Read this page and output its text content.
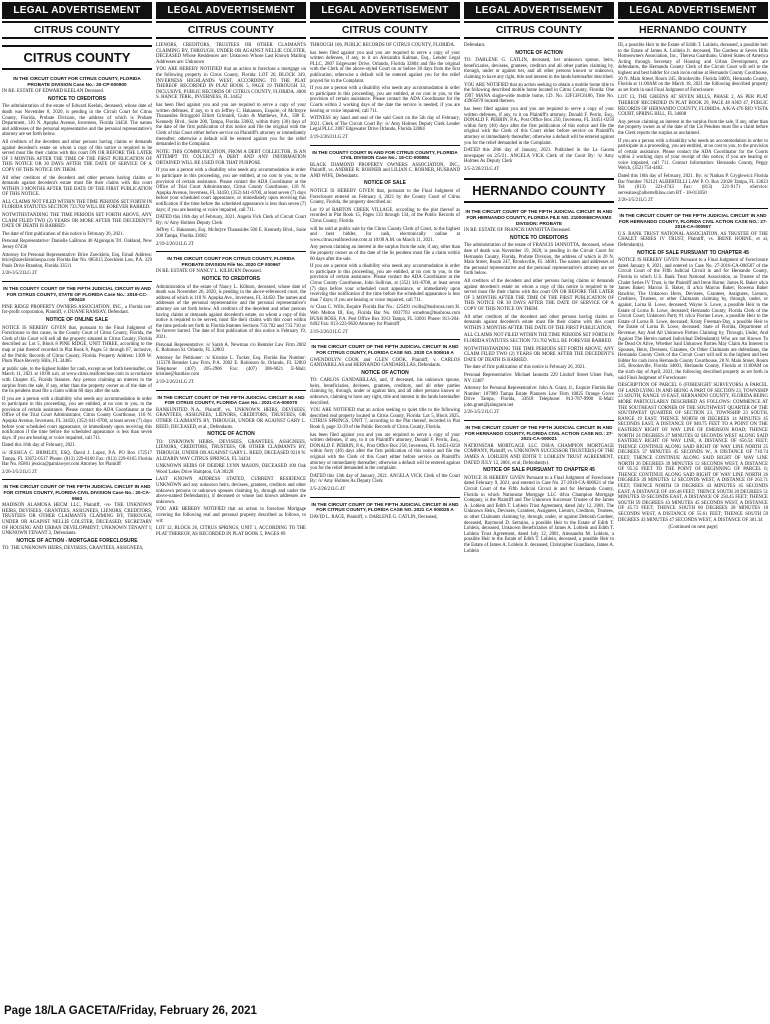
LEGAL ADVERTISEMENT
CITRUS COUNTY
CITRUS COUNTY
IN THE CIRCUIT COURT FOR CITRUS COUNTY, FLORIDA PROBATE DIVISION Case No.: 20-CP-000900

IN RE: ESTATE OF EDWARD KEELAN Deceased.

NOTICE TO CREDITORS

The administration of the estate of Edward Keelan, deceased, whose date of death was November 8, 2020, is pending in the Circuit Court for Citrus County, Florida, Probate Division, the address of which is Probate Department, 110 N. Apopka Avenue, Inverness, Florida 34450. The names and addresses of the personal representative and the personal representative's attorney are set forth below.

All creditors of the decedent and other persons having claims or demands against decedent's estate on whom a copy of this notice is required to be served must file their claims with this court ON OR BEFORE THE LATER OF 3 MONTHS AFTER THE TIME OF THE FIRST PUBLICATION OF THIS NOTICE OR 30 DAYS AFTER THE DATE OF SERVICE OF A COPY OF THIS NOTICE ON THEM.

All other creditors of the decedent and other persons having claims or demands against decedent's estate must file their claims with this court WITHIN 3 MONTHS AFTER THE DATE OF THE FIRST PUBLICATION OF THIS NOTICE.

ALL CLAIMS NOT FILED WITHIN THE TIME PERIODS SET FORTH IN FLORIDA STATUTES SECTION 733.702 WILL BE FOREVER BARRED.

NOTWITHSTANDING THE TIME PERIODS SET FORTH ABOVE, ANY CLAIM FILED TWO (2) YEARS OR MORE AFTER THE DECEDENT'S DATE OF DEATH IS BARRED.

The date of first publication of this notice is February 26, 2021.

Personal Representative: Danielle LaBruno 46 Algonquin Trl. Oakland, New Jersey 07436

Attorney for Personal Representative: Brice Zoecklein, Esq. Email Address: brice@zoeckleinlawpa.com Florida Bar No. 085615 Zoecklein Law, P.A. 329 Pauls Drive Brandon, Florida 33511

2/26-3/5/21LG 2T

IN THE COUNTY COURT OF THE FIFTH JUDICIAL CIRCUIT IN AND FOR CITRUS COUNTY, STATE OF FLORIDA Case No.: 2019-CC-000419

PINE RIDGE PROPERTY OWNERS ASSOCIATION, INC., a Florida not-for-profit corporation, Plaintiff, v. DUANE RAMSAY, Defendant.

NOTICE OF ONLINE SALE

NOTICE IS HEREBY GIVEN that, pursuant to the Final Judgment of Foreclosure in this cause, in the County Court of Citrus County, Florida, the Clerk of this Court will sell all the property situated in Citrus County, Florida described as: Lot 5, Block 8 PINE RIDGE, UNIT THREE, according to the map or plat thereof recorded in Plat Book 8, Pages 51 through 67, inclusive, of the Public Records of Citrus County, Florida. Property Address: 1309 W. Plum Place Beverly Hills, FL 34465

at public sale, to the highest bidder for cash, except as set forth hereinafter, on March 11, 2021 at 10:00 a.m. at www.citrus.realforeclose.com in accordance with Chapter 45, Florida Statutes. Any person claiming an interest in the surplus from the sale, if any, other than the property owner as of the date of the lis pendens must file a claim within 60 days after the sale.

If you are a person with a disability who needs any accommodation in order to participate in this proceeding, you are entitled, at no cost to you, to the provision of certain assistance. Please contact the ADA Coordinator at the Office of the Trial Court Administrator, Citrus County Courthouse, 110 N. Apopka Avenue, Inverness, FL 34450, (352) 641-6700, at least seven (7) days before your scheduled court appearance, or immediately upon receiving this notification if the time before the scheduled appearance is less than seven days. If you are hearing or voice impaired, call 711.

Dated this 16th day of February, 2021.

/s/ JESSICA C. BRIMLEY, ESQ. David J. Lopez, P.A. PO Box 172517 Tampa, FL 33672-0517 Phone: (813) 229-0160 Fax: (813) 229-0165 Florida Bar No. 85801 jessica@pamlawyer.com Attorney for Plaintiff

2/26-3/5/21LG 2T

IN THE CIRCUIT COURT OF THE FIFTH JUDICIAL CIRCUIT IN AND FOR CITRUS COUNTY, FLORIDA CIVIL DIVISION Case No.: 20-CA-0663

MADISON ALAMOSA HECM LLC, Plaintiff, -vs- THE UNKNOWN HEIRS, DEVISEES, GRANTEES, ASSIGNEES, LIENORS, CREDITORS, TRUSTEES OR OTHER CLAIMANTS CLAIMING BY, THROUGH, UNDER OR AGAINST NELLIE COLSTER, DECEASED; SECRETARY OF HOUSING AND URBAN DEVELOPMENT; UNKNOWN TENANT I; UNKNOWN TENANT 2, Defendants.

NOTICE OF ACTION - MORTGAGE FORECLOSURE

TO: THE UNKNOWN HEIRS, DEVISEES, GRANTEES, ASSIGNEES,

LEGAL ADVERTISEMENT
CITRUS COUNTY

LIENORS, CREDITORS, TRUSTEES OR OTHER CLAIMANTS CLAIMING BY, THROUGH, UNDER OR AGAINST NELLIE COLSTER, DECEASED Whose Residences are: Unknown Whose Last Known Mailing Addresses are: Unknown

YOU ARE HEREBY NOTIFIED that an action to foreclose a mortgage on the following property in Citrus County, Florida: LOT 20, BLOCK 349, INVERNESS HIGHLANDS WEST, ACCORDING TO THE PLAT THEREOF RECORDED IN PLAT BOOK 5, PAGE 19 THROUGH 33, INCLUSIVE, PUBLIC RECORDS OF CITRUS COUNTY, FLORIDA. 4006 S. HANCE TERR., INVERNESS, FL 34452

has been filed against you and you are required to serve a copy of your written defenses, if any, to it on Jeffrey C. Hakanson, Esquire, of McIntyre Thanasides Bringgold Elliott Grimaldi, Guito & Matthews, P.A., 500 E. Kennedy Blvd., Suite 200, Tampa, Florida 33602, within thirty (30) days of the date of the first publication of this notice and file the original with the Clerk of this Court either before service on Plaintiff's attorney or immediately thereafter; otherwise a default will be entered against you for the relief demanded in the Complaint.

NOTE: THIS COMMUNICATION, FROM A DEBT COLLECTOR, IS AN ATTEMPT TO COLLECT A DEBT AND ANY INFORMATION OBTAINED WILL BE USED FOR THAT PURPOSE.

If you are a person with a disability who needs any accommodation in order to participate in this proceeding, you are entitled, at no cost to you, to the provision of certain assistance. Please contact the ADA Coordinator at the Office of Trial Court Administrator, Citrus County Courthouse, 110 N. Apopka Avenue, Inverness, FL 34450, (352) 641-6700, at least seven (7) days before your scheduled court appearance, or immediately upon receiving this notification if the time before the scheduled appearance is less than seven (7) days; if you are hearing or voice impaired, call 711.

DATED this 16th day of February, 2021. Angela Vick Clerk of Circuit Court By: /s/ Amy Holmes Deputy Clerk

Jeffrey C. Hakanson, Esq. McIntyre Thanasides 500 E. Kennedy Blvd., Suite 200 Tampa, Florida 33602

2/19-2/26/21LG 2T

IN THE CIRCUIT COURT FOR CITRUS COUNTY, FLORIDA PROBATE DIVISION File No. 2020 CP 000967

IN RE: ESTATE OF NANCY L. KILBURN Deceased.

NOTICE TO CREDITORS

Administration of the estate of Nancy L. Kilburn, deceased, whose date of death was November 26, 2020, is pending in the above-referenced court, the address of which is 110 N. Apopka Ave., Inverness, FL 34450. The names and addresses of the personal representative and the personal representative's attorney are set forth below. All creditors of the decedent and other persons having claims or demands against decedent's estate, on whom a copy of this notice is required to be served, must file their claims with this court within the time periods set forth in Florida Statutes Sections 733.702 and 733.710 or be forever barred. The date of first publication of this notice is February 19, 2021.

Personal Representative: /s/ Sarah A. Newman c/o Bentsler Law Firm 2002 E. Robinson St. Orlando, FL 32803

Attorney for Petitioner: /s/ Kristine L. Tucker, Esq. Florida Bar Number: 115378 Bentsler Law Firm, P.A. 2002 E. Robinson St. Orlando, FL 32803 Telephone: (407) 205-2906 Fax: (407) 386-6021 E-Mail: kristine@bantlaw.com

2/19-2/26/21LG 2T

IN THE CIRCUIT COURT OF THE FIFTH JUDICIAL CIRCUIT IN AND FOR CITRUS COUNTY, FLORIDA Case No.: 2021-CA-000070

BANKUNITED N.A., Plaintiff, vs. UNKNOWN HEIRS, DEVISEES, GRANTEES, ASSIGNEES, LIENORS, CREDITORS, TRUSTEES, OR OTHER CLAIMANTS BY, THROUGH, UNDER OR AGAINST GARY L. REED, DECEASED, et al., Defendants.

NOTICE OF ACTION

TO: UNKNOWN HEIRS, DEVISEES, GRANTEES, ASSIGNEES, LIENORS, CREDITORS, TRUSTEES, OR OTHER CLAIMANTS BY, THROUGH, UNDER OR AGAINST GARY L. REED, DECEASED 9218 N. ALIZARIN WAY CITRUS SPRINGS, FL 34434

UNKNOWN HEIRS OF DEIDRE LYNN MASON, DECEASED 100 Oak Wood Lakes Drive Hampton, GA 30228

LAST KNOWN ADDRESS STATED, CURRENT RESIDENCE UNKNOWN and any unknown heirs, devisees, grantees, creditors and other unknown persons or unknown spouses claiming by, through and under the above-named Defendant(s), if deceased or whose last known addresses are unknown.

YOU ARE HEREBY NOTIFIED that an action to foreclose Mortgage covering the following real and personal property described as follows, to wit:

LOT 12, BLOCK 26, CITRUS SPRINGS, UNIT 1, ACCORDING TO THE PLAT THEREOF, AS RECORDED IN PLAT BOOK 5, PAGES 89

LEGAL ADVERTISEMENT
CITRUS COUNTY

THROUGH 106, PUBLIC RECORDS OF CITRUS COUNTY, FLORIDA.

has been filed against you and you are required to serve a copy of your written defenses, if any, to it on Alexandra Kalman, Esq., Lender Legal PLLC, 2807 Edgewater Drive, Orlando, Florida 32804 and file the original with the Clerk of the above-styled Court on or before 30 days from the first publication, otherwise a default will be entered against you for the relief prayed for in the Complaint.

If you are a person with a disability who needs any accommodation in order to participate in this proceeding, you are entitled, at no cost to you, to the provision of certain assistance. Please contact the ADA Coordinator for the Courts within 2 working days of the date the service is needed; if you are hearing or voice impaired, call 711.

WITNESS my hand and seal of the said Court on the 5th day of February, 2021. Clerk of The Circuit Court By: /s/ Amy Holmes Deputy Clerk Lender Legal PLLC 2807 Edgewater Drive Orlando, Florida 32804

2/19-2/26/21LG 2T

IN THE COUNTY COURT IN AND FOR CITRUS COUNTY, FLORIDA CIVIL DIVISION Case No.: 19-CC-000884

BLACK DIAMOND PROPERTY OWNERS ASSOCIATION, INC., Plaintiff, vs. ANDREE R. ROHNER and LILIAN C. ROHNER, HUSBAND AND WIFE, Defendants.

NOTICE OF SALE

NOTICE IS HEREBY GIVEN that, pursuant to the Final Judgment of Foreclosure entered on February 4, 2021 by the County Court of Citrus County, Florida, the property described as:

Lot 19 of BARTON CREEK VILLAGE, according to the plat thereof as recorded in Plat Book 15, Pages 133 through 134, of the Public Records of Citrus County, Florida.

will be sold at public sale by the Citrus County Clerk of Court, to the highest and best bidder, for cash, electronically online at www.citrus.realforeclose.com at 10:00 A.M. on March 11, 2021.

Any person claiming an interest in the surplus from the sale, if any, other than the property owner as of the date of the lis pendens must file a claim within 60 days after the sale.

If you are a person with a disability who needs any accommodation in order to participate in this proceeding, you are entitled, at no cost to you, to the provision of certain assistance. Please contact the ADA Coordinator at the Citrus County Courthouse, John Sullivan, at (352) 341-6700, at least seven (7) days before your scheduled court appearance, or immediately upon receiving this notification if the time before the scheduled appearance is less than 7 days; if you are hearing or voice impaired, call 711.

/s/ Clara C. Wills, Esquire Florida Bar No.: 125491 cwills@bushross.com H. Web Melton III, Esq. Florida Bar No. 0037703 wmelton@bushross.com BUSH ROSS, P.A. Post Office Box 3913 Tampa, FL 33601 Phone: 813-204-6492 Fax: 813-223-9620 Attorney for Plaintiff

2/19-2/26/21LG 2T

IN THE CIRCUIT COURT OF THE FIFTH JUDICIAL CIRCUIT IN AND FOR CITRUS COUNTY, FLORIDA CASE NO. 2020 CA 000616 A

GWENDOLYN COOK and GLEN COOK, Plaintiff, v. CARLOS GANDARILLAS and HERNANDO GANDARILLAS, Defendants.

NOTICE OF ACTION

TO: CARLOS GANDARILLAS, and, if deceased, his unknown spouse, heirs, beneficiaries, devisees, grantees, creditors, and all other parties claiming by, through, under or against him, and all other persons known or unknown, claiming to have any right, title and interest in the lands hereinafter described.

YOU ARE NOTIFIED that an action seeking to quiet title to the following described real property located in Citrus County, Florida: Lot 5, Block 2025, CITRUS SPRINGS, UNIT 7, according to the Plat thereof, recorded in Plat Book 6, page 33-39 of the Public Records of Citrus County, Florida.

has been filed against you and you are required to serve a copy of your written defenses, if any, to it on Plaintiff's attorney, Donald F. Perrin, Esq., DONALD F. PERRIN, P.A., Post Office Box 250, Inverness, FL 34451-0250 within forty (40) days after the first publication of this notice and file the original with the Clerk of this Court either before service on Plaintiff's attorney or immediately thereafter; otherwise a default will be entered against you for the relief demanded in the complaint.

DATED this 13th day of January, 2021. ANGELA VICK Clerk of the Court By: /s/ Amy Holmes As Deputy Clerk

2/5-2/26/21LG 4T

IN THE CIRCUIT COURT OF THE FIFTH JUDICIAL CIRCUIT IN AND FOR CITRUS COUNTY, FLORIDA CASE NO. 2021 CA 000025 A

DAVID L. RACE, Plaintiff, v. DARLENE G. CATLIN, Deceased,

LEGAL ADVERTISEMENT
CITRUS COUNTY

Defendant.

NOTICE OF ACTION

TO: DARLENE G. CATLIN, deceased, her unknown spouse, heirs, beneficiaries, devisees, grantees, creditors and all other parties claiming by, through, under or against her, and all other persons known or unknown, claiming to have any right, title and interest in the lands hereinafter described.

YOU ARE NOTIFIED that an action seeking to obtain a mobile home title to the following described mobile home located in Citrus County, Florida: One 1997 MANA single-wide mobile home, I.D. No. 32F13FC6186, Title No. 43965670 located thereon.

has been filed against you and you are required to serve a copy of your written defenses, if any, to it on Plaintiff's attorney, Donald F. Perrin, Esq., DONALD F. PERRIN, P.A., Post Office Box 250, Inverness, FL 34451-0250 within forty (40) days after the first publication of this notice and file the original with the Clerk of this Court either before service on Plaintiff's attorney or immediately thereafter; otherwise a default will be entered against you for the relief demanded in the Complaint.

DATED this 28th day of January, 2021. Published in the La Gaceta newspaper on 2/5/21. ANGELA VICK Clerk of the Court By: /s/ Amy Holmes As Deputy Clerk

2/5-2/26/21LG 4T

HERNANDO COUNTY
IN THE CIRCUIT COURT OF THE FIFTH JUDICIAL CIRCUIT IN AND FOR HERNANDO COUNTY, FLORIDA FILE NO. 21000068CPAXMX DIVISION: PROBATE

IN RE: ESTATE OF FRANCIS IANNOTTA Deceased.

NOTICE TO CREDITORS

The administration of the estate of FRANCIS IANNOTTA, deceased, whose date of death was November 19, 2020, is pending in the Circuit Court for Hernando County, Florida, Probate Division, the address of which is 20 N. Main Street, Room 247, Brooksville, FL 34601. The names and addresses of the personal representative and the personal representative's attorney are set forth below.

All creditors of the decedent and other persons having claims or demands against decedent's estate on whom a copy of this notice is required to be served must file their claims with this court ON OR BEFORE THE LATER OF 3 MONTHS AFTER THE TIME OF THE FIRST PUBLICATION OF THIS NOTICE OR 30 DAYS AFTER THE DATE OF SERVICE OF A COPY OF THIS NOTICE ON THEM.

All other creditors of the decedent and other persons having claims or demands against decedent's estate must file their claims with this court WITHIN 3 MONTHS AFTER THE DATE OF THE FIRST PUBLICATION.

ALL CLAIMS NOT FILED WITHIN THE TIME PERIODS SET FORTH IN FLORIDA STATUTES SECTION 733.702 WILL BE FOREVER BARRED.

NOTWITHSTANDING THE TIME PERIODS SET FORTH ABOVE, ANY CLAIM FILED TWO (2) YEARS OR MORE AFTER THE DECEDENT'S DATE OF DEATH IS BARRED.

The date of first publication of this notice is February 26, 2021.

Personal Representative: Michael Iannotta 229 Lindorf Street Ulster Park, NY 12487

Attorney for Personal Representative: John A. Grant, Jr., Esquire Florida Bar Number: 107989 Tampa Estate Planners Law Firm 10025 Orange Grove Drive Tampa, Florida, 33618 Telephone: 813-787-9900 E-Mail: john.grant@jahngrant.net

2/26-3/5/21LG 2T

IN THE CIRCUIT COURT OF THE FIFTH JUDICIAL CIRCUIT IN AND FOR HERNANDO COUNTY, FLORIDA CIVIL ACTION CASE NO.: 27-2021-CA-000021

NATIONSTAR MORTGAGE LLC D/B/A CHAMPION MORTGAGE COMPANY, Plaintiff, vs. UNKNOWN SUCCESSOR TRUSTEE(S) OF THE JAMES A. LOHLEIN AND EDITH T. LOHLEIN TRUST AGREEMENT, DATED JULY 12, 2001, et al, Defendant(s).

NOTICE OF SALE PURSUANT TO CHAPTER 45

NOTICE IS HEREBY GIVEN Pursuant to a Final Judgment of Foreclosure dated February 9, 2021, and entered in Case No. 27-2018-CA-000621 of the Circuit Court of the Fifth Judicial Circuit in and for Hernando County, Florida in which Nationstar Mortgage LLC d/b/a Champion Mortgage Company, is the Plaintiff and The Unknown Successor Trustee of the James A. Lohlein and Edith T. Lohlein Trust Agreement, dated July 12, 2001, The Unknown Heirs, Devisees, Grantees, Assignees, Lienors, Creditors, Trustees, or other Claimants claiming by, through, under, or against Deborah Gardner, deceased, Raymond D. Serraino, a possible Heir to the Estate of Edith T. Lohlein, deceased, Unknown Beneficiaries of James A. Lohlein and Edith T. Lohlein Trust Agreement, dated July 12, 2001, Alessandra M. Lohlein, a possible Heir to the Estate of Edith T. Lohlein, deceased, a possible Heir to the Estate of James A. Lohlein Jr. deceased, Christopher Guardiano, James A. Lohlein

LEGAL ADVERTISEMENT
HERNANDO COUNTY

III, a possible Heir to the Estate of Edith T. Lohlein, deceased, a possible heir to the Estate of James A. Lohlein Jr. deceased, The Gardens at Seven Hills Homeowners Association, Inc., Theresa Guardiano, United States of America Acting through Secretary of Housing and Urban Development, are defendants, the Hernando County Clerk of the Circuit Court will sell to the highest and best bidder for cash in/on online at Hernando County Courthouse, 20 N. Main Street, Room 245, Brooksville, Florida 34601, Hernando County, Florida at 11:00AM on the March 18, 2021 the following described property as set forth in said Final Judgment of Foreclosure:

LOT 13, THE GREENS AT SEVEN HILLS, PHASE 2, AS PER PLAT THEREOF RECORDED IN PLAT BOOK 29, PAGE 48 AND 47, PUBLIC RECORDS OF HERNANDO COUNTY, FLORIDA. A/K/A 476 RIO VISTA COURT, SPRING HILL, FL 34608

Any person claiming an interest in the surplus from the sale, if any, other than the property owner as of the date of the Lis Pendens must file a claim before the Clerk reports the surplus as unclaimed.

If you are a person with a disability who needs an accommodation in order to participate in a proceeding, you are entitled, at no cost to you, to the provision of certain assistance. Please contact the ADA Coordinator for the Courts within 2 working days of your receipt of this notice; if you are hearing or voice impaired, call 711. Contact Information: Hernando County, Peggy Welch, (352) 754-4402.

Dated this 16th day of February, 2021. By: /s/ Nathan P. Gryglewicz Florida Bar Number 762121 ALBERTELLI LAW P. O. Box 23028 Tampa, FL 33623 Tel: (813) 221-4743 Fax: (813) 221-9171 eService: servealaw@albertellilaw.com BT - 18-013050

2/26-3/5/21LG 2T

IN THE CIRCUIT COURT OF THE FIFTH JUDICIAL CIRCUIT IN AND FOR HERNANDO COUNTY, FLORIDA CIVIL ACTION CASE NO.: 27-2016-CA-000507

U.S. BANK TRUST NATIONAL ASSOCIATION, AS TRUSTEE OF THE CHALET SERIES IV TRUST, Plaintiff, vs. IRENE HORNE, et al, Defendant(s).

NOTICE OF SALE PURSUANT TO CHAPTER 45

NOTICE IS HEREBY GIVEN Pursuant to a Final Judgment of Foreclosure dated January 6, 2021, and entered in Case No. 27-2016-CA-000507 of the Circuit Court of the Fifth Judicial Circuit in and for Hernando County, Florida in which U.S. Bank Trust National Association, as Trustee of the Chalet Series IV Trust, is the Plaintiff and Irene Horne; James R. Baker a/k/a James Baker; Marcus E. Baker, II a/k/a Marcus Baker; Rowena Baker Rawlins; The Unknown Heirs, Devisees, Grantees, Assignees, Lienors, Creditors, Trustees, or other Claimants claiming by, through, under, or against, Lorna B. Lowe, deceased; Wayne S. Lowe, a possible Heir to the Estate of Lorna B. Lowe, deceased; Hernando County, Florida Clerk of the Circuit Court; Unknown Party #1 n/k/a Florine Lowe, a possible Heir to the Estate of Lorna B. Lowe, deceased; Kristy Freeman-Day, a possible Heir to the Estate of Lorna B. Lowe, deceased; State of Florida, Department of Revenue; Any And All Unknown Parties Claiming by, Through, Under, And Against The Herein named Individual Defendant(s) Who are not Known To Be Dead Or Alive, Whether Said Unknown Parties May Claim An Interest in Spouses, Heirs, Devisees, Grantees, Or Other Claimants are defendants, the Hernando County Clerk of the Circuit Court will sell to the highest and best bidder for cash in/on Hernando County Courthouse, 20 N. Main Street, Room 245, Brooksville, Florida 34601, Hernando County, Florida at 11:00AM on the sixth day of April, 2021, the following described property as set forth in said Final Judgment of Foreclosure:

DESCRIPTION OF PARCEL 6 (FORESIGHT SURVEYORS) A PARCEL OF LAND LYING IN AND BEING A PART OF SECTION 23, TOWNSHIP 23 SOUTH, RANGE 19 EAST, HERNANDO COUNTY, FLORIDA BEING MORE PARTICULARLY DESCRIBED AS FOLLOWS: COMMENCE AT THE SOUTHEAST CORNER OF THE SOUTHWEST QUARTER OF THE SOUTHWEST QUARTER OF SECTION 23, TOWNSHIP 23 SOUTH, RANGE 19 EAST; THENCE NORTH 00 DEGREES 14 MINUTES 45 SECONDS EAST, A DISTANCE OF 940.75 FEET TO A POINT ON THE EASTERLY RIGHT OF WAY LINE OF EMERSON ROAD; THENCE NORTH 24 DEGREES 27 MINUTES 02 SECONDS WEST ALONG SAID EASTERLY RIGHT OF WAY LINE, A DISTANCE OF 656.54 FEET; THENCE CONTINUE ALONG SAID RIGHT OF WAY LINE NORTH 25 DEGREES 37 MINUTES 45 SECONDS W., A DISTANCE OF 710.74 FEET; THENCE CONTINUE ALONG SAID RIGHT OF WAY LINE NORTH 26 DEGREES 39 MINUTES 12 SECONDS WEST, A DISTANCE OF 95.35 FEET TO THE POINT OF BEGINNING OF PARCEL 6; THENCE CONTINUE ALONG SAID RIGHT OF WAY LINE NORTH 26 DEGREES 39 MINUTES 12 SECONDS WEST, A DISTANCE OF 263.71 FEET; THENCE NORTH 59 DEGREES 43 MINUTES 45 SECONDS EAST, A DISTANCE OF 416.48 FEET; THENCE SOUTH 20 DEGREES 51 MINUTES 59 SECONDS EAST, A DISTANCE OF 250.45 FEET; THENCE SOUTH 59 DEGREES 43 MINUTES 45 SECONDS WEST, A DISTANCE OF 45.73 FEET; THENCE SOUTH 00 DEGREES 28 MINUTES 18 SECONDS WEST, A DISTANCE OF 55.61 FEET; THENCE SOUTH 59 DEGREES 43 MINUTES 47 SECONDS WEST, A DISTANCE OF 301.34

(Continued on next page)

Page 18/LA GACETA/Friday, February 26, 2021
